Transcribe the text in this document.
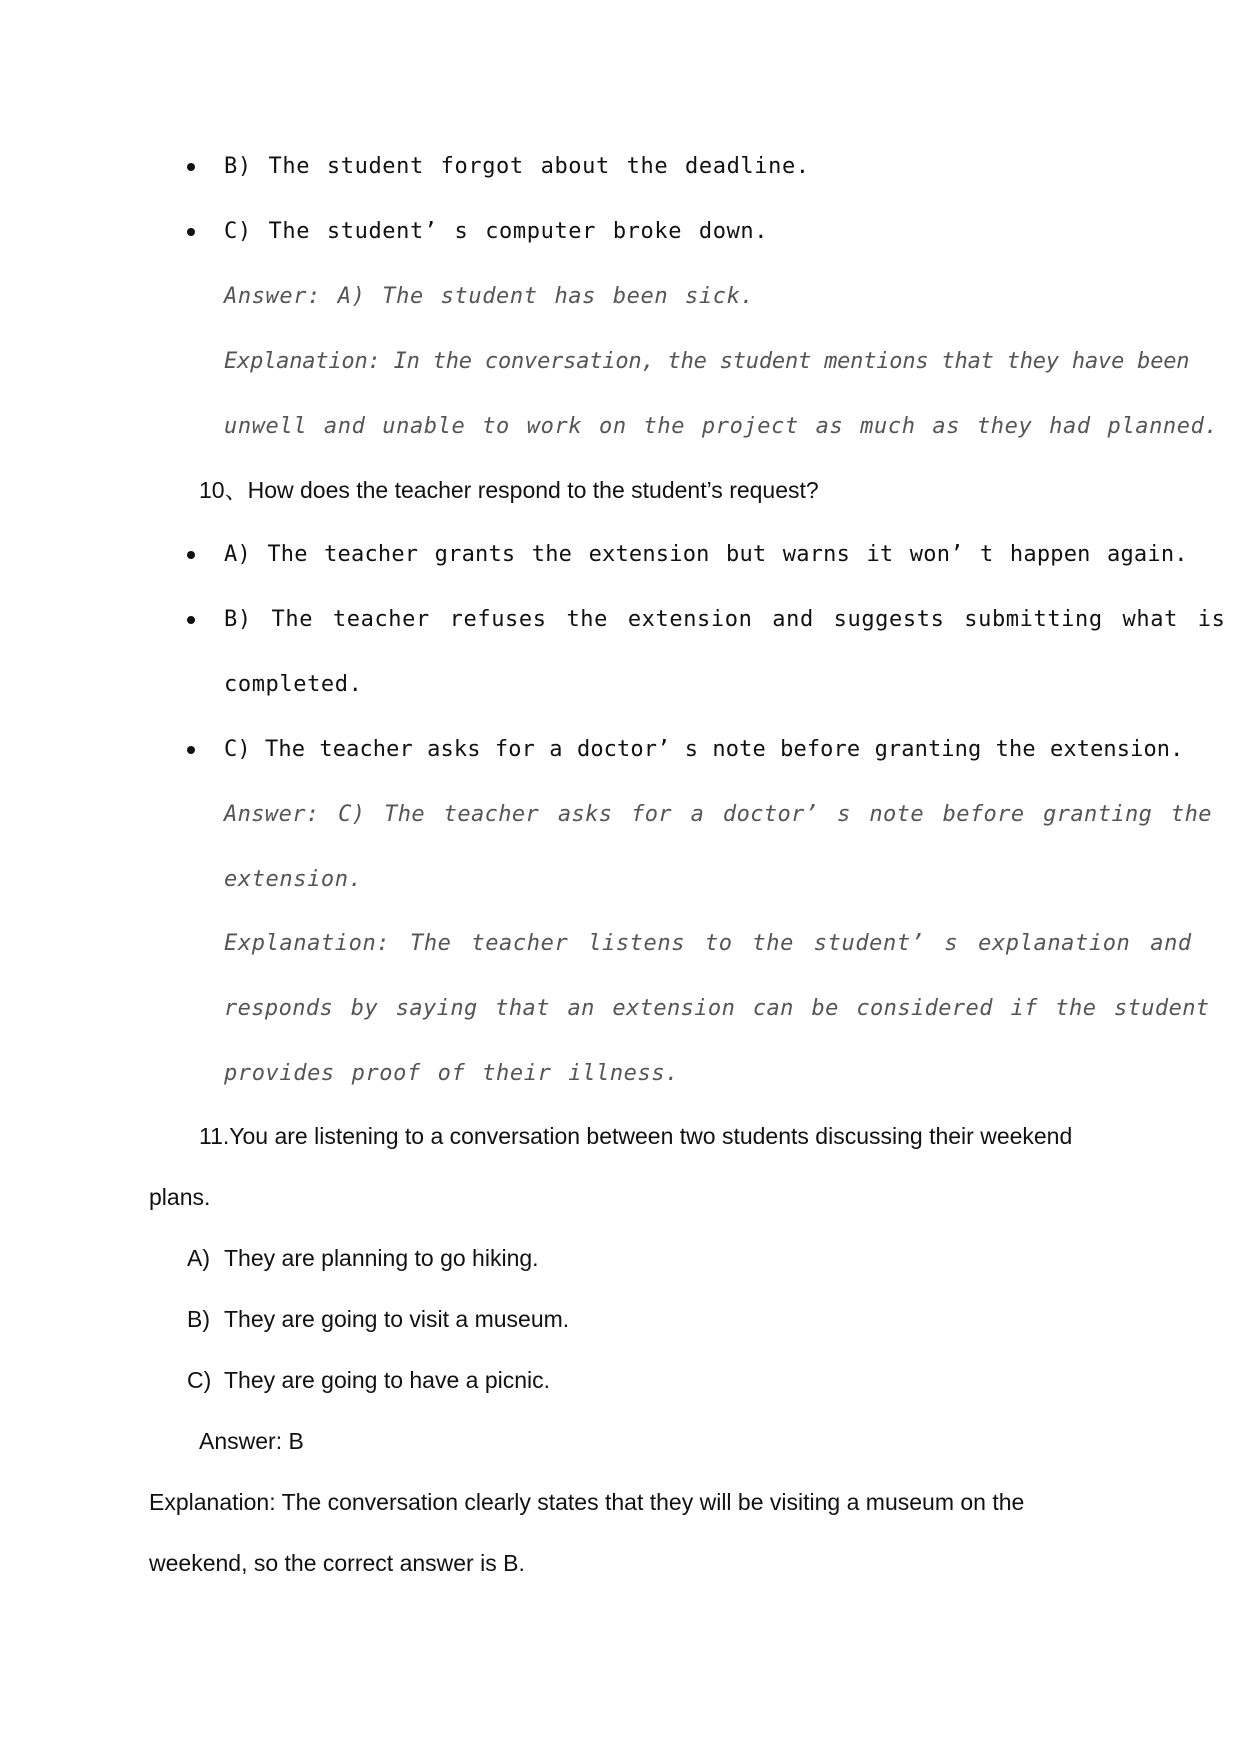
B) The student forgot about the deadline.
C) The student’ s computer broke down.
Answer: A) The student has been sick.
Explanation: In the conversation, the student mentions that they have been
unwell and unable to work on the project as much as they had planned.
10、How does the teacher respond to the student’s request?
A) The teacher grants the extension but warns it won’ t happen again.
B) The teacher refuses the extension and suggests submitting what is
completed.
C) The teacher asks for a doctor’ s note before granting the extension.
Answer: C) The teacher asks for a doctor’ s note before granting the
extension.
Explanation: The teacher listens to the student’ s explanation and
responds by saying that an extension can be considered if the student
provides proof of their illness.
11.You are listening to a conversation between two students discussing their weekend
plans.
A) They are planning to go hiking.
B) They are going to visit a museum.
C) They are going to have a picnic.
Answer: B
Explanation: The conversation clearly states that they will be visiting a museum on the
weekend, so the correct answer is B.
